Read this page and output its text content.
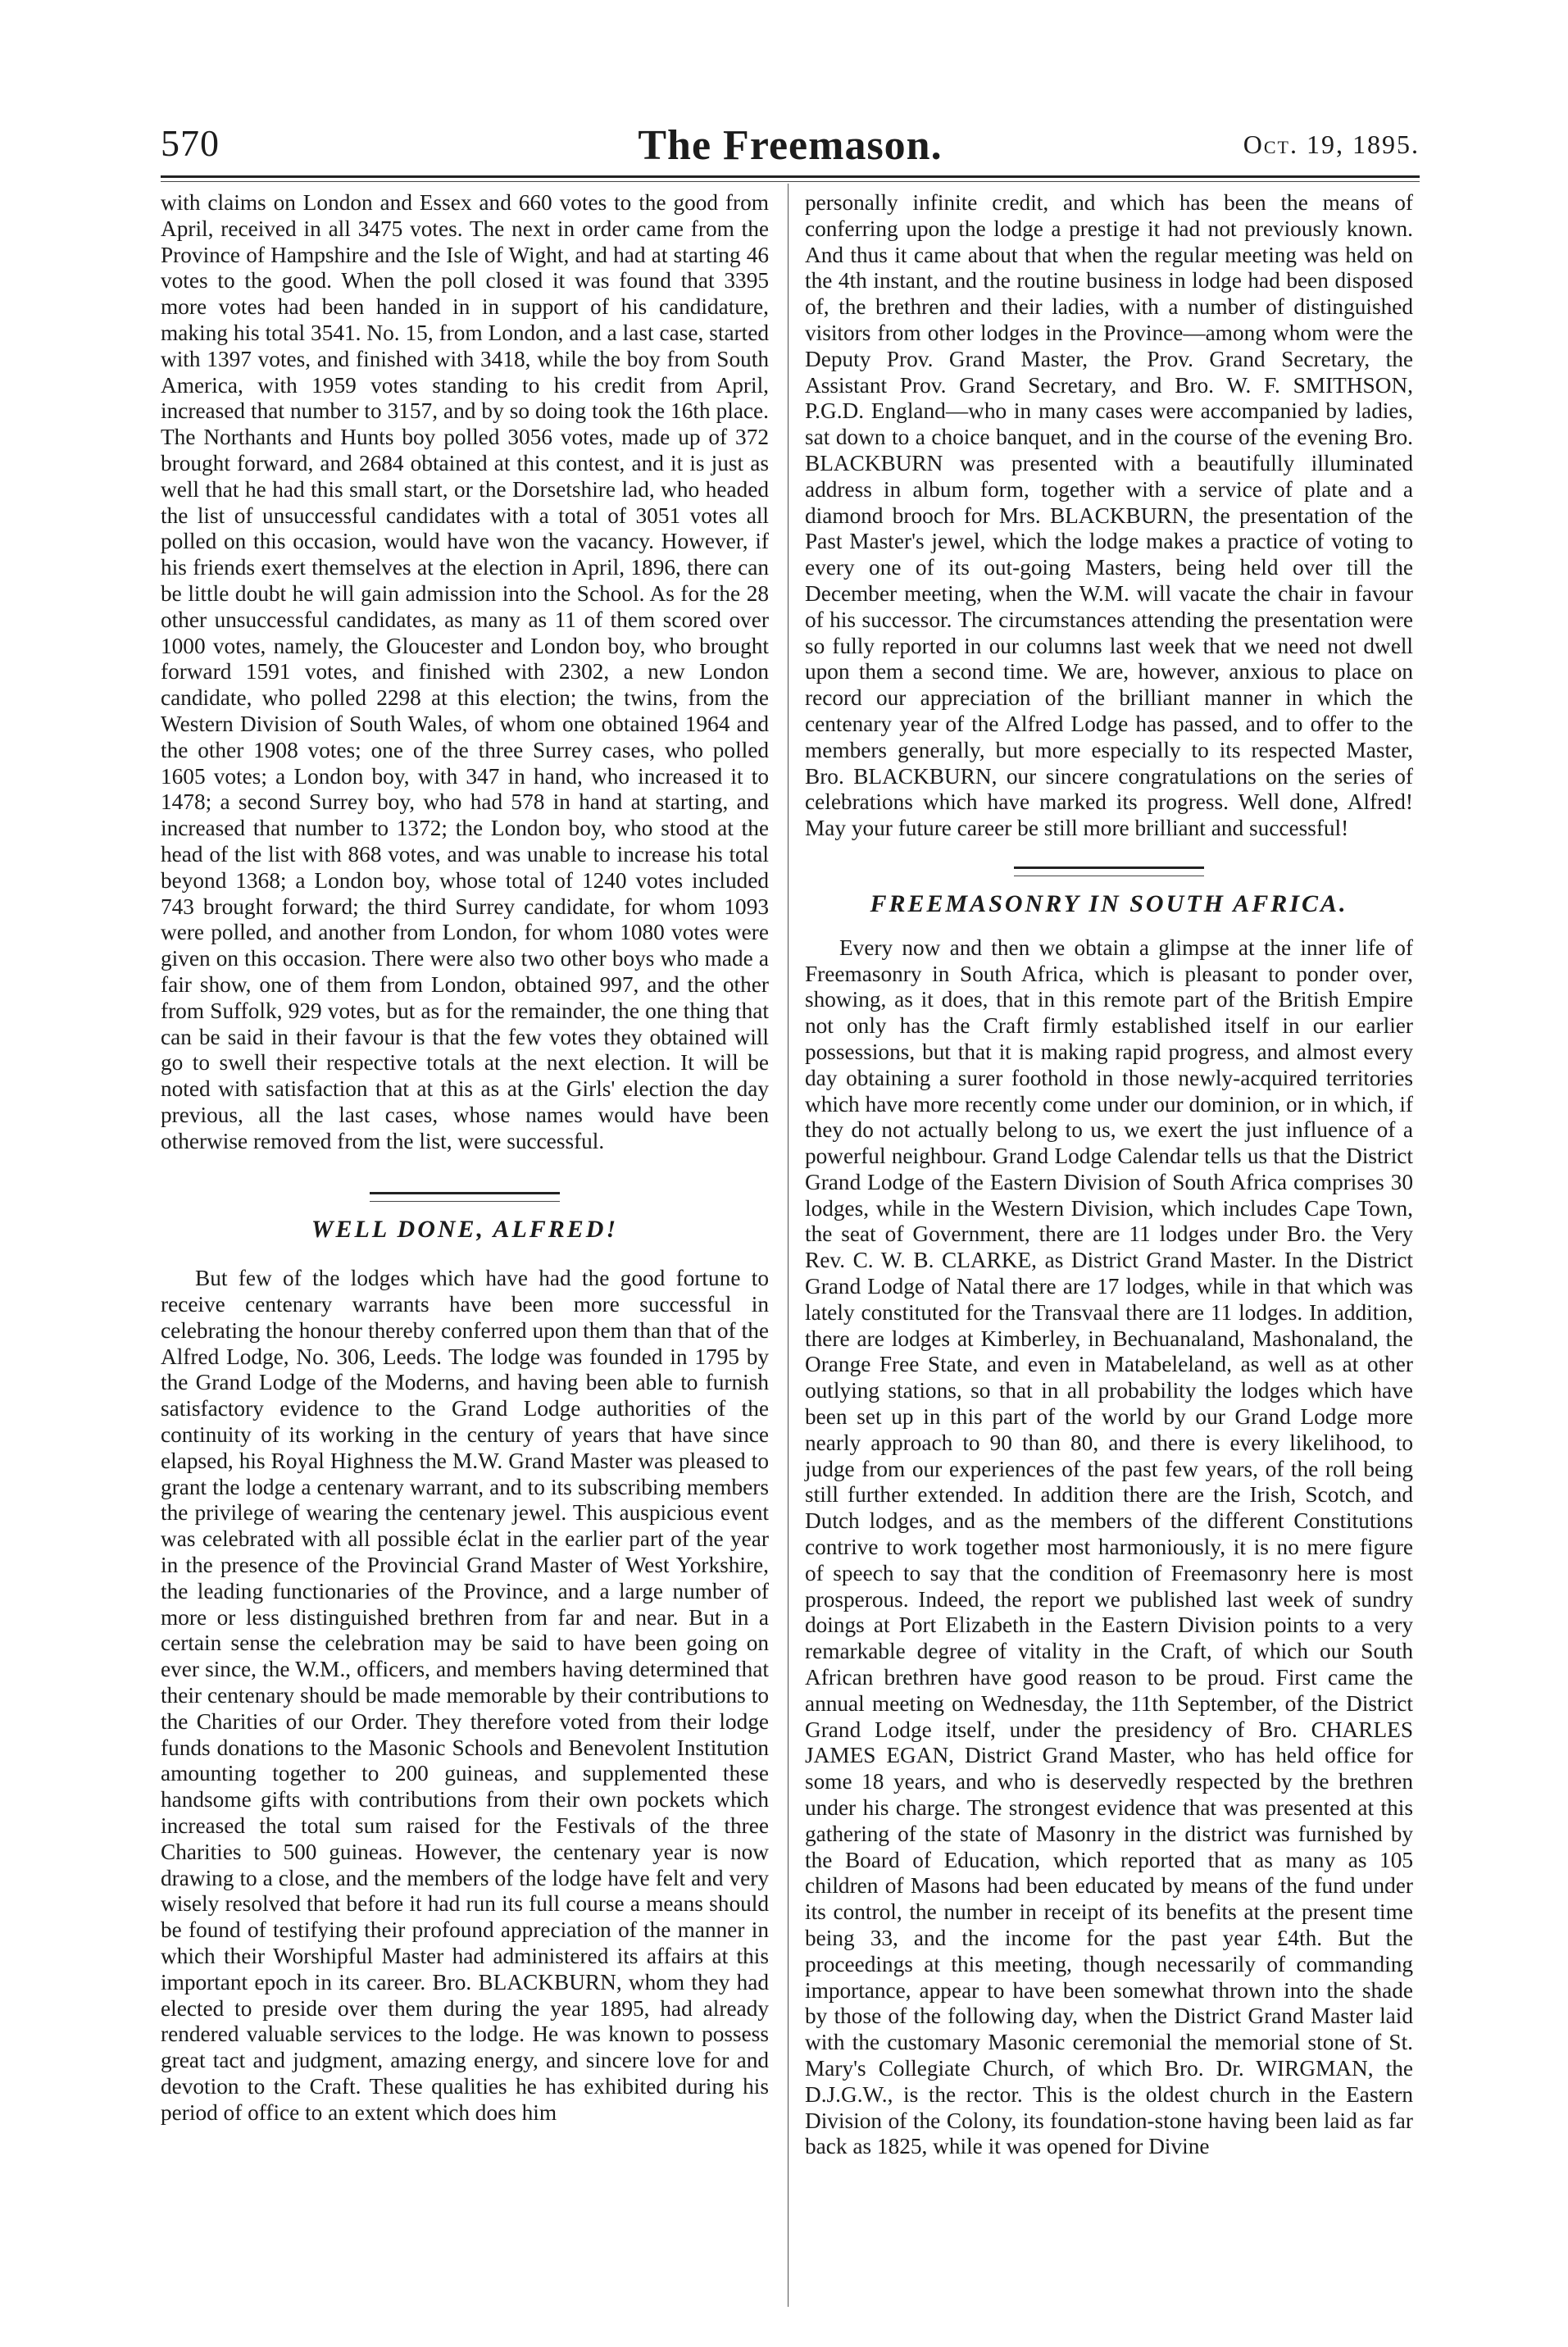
570	The Freemason.	Oct. 19, 1895.

with claims on London and Essex and 660 votes to the good from April, received in all 3475 votes. The next in order came from the Province of Hampshire and the Isle of Wight, and had at starting 46 votes to the good. When the poll closed it was found that 3395 more votes had been handed in in support of his candidature, making his total 3541. No. 15, from London, and a last case, started with 1397 votes, and finished with 3418, while the boy from South America, with 1959 votes standing to his credit from April, increased that number to 3157, and by so doing took the 16th place. The Northants and Hunts boy polled 3056 votes, made up of 372 brought forward, and 2684 obtained at this contest, and it is just as well that he had this small start, or the Dorsetshire lad, who headed the list of unsuccessful candidates with a total of 3051 votes all polled on this occasion, would have won the vacancy. However, if his friends exert themselves at the election in April, 1896, there can be little doubt he will gain admission into the School. As for the 28 other unsuccessful candidates, as many as 11 of them scored over 1000 votes, namely, the Gloucester and London boy, who brought forward 1591 votes, and finished with 2302, a new London candidate, who polled 2298 at this election; the twins, from the Western Division of South Wales, of whom one obtained 1964 and the other 1908 votes; one of the three Surrey cases, who polled 1605 votes; a London boy, with 347 in hand, who increased it to 1478; a second Surrey boy, who had 578 in hand at starting, and increased that number to 1372; the London boy, who stood at the head of the list with 868 votes, and was unable to increase his total beyond 1368; a London boy, whose total of 1240 votes included 743 brought forward; the third Surrey candidate, for whom 1093 were polled, and another from London, for whom 1080 votes were given on this occasion. There were also two other boys who made a fair show, one of them from London, obtained 997, and the other from Suffolk, 929 votes, but as for the remainder, the one thing that can be said in their favour is that the few votes they obtained will go to swell their respective totals at the next election. It will be noted with satisfaction that at this as at the Girls' election the day previous, all the last cases, whose names would have been otherwise removed from the list, were successful.

WELL DONE, ALFRED!

But few of the lodges which have had the good fortune to receive centenary warrants have been more successful in celebrating the honour thereby conferred upon them than that of the Alfred Lodge, No. 306, Leeds. The lodge was founded in 1795 by the Grand Lodge of the Moderns, and having been able to furnish satisfactory evidence to the Grand Lodge authorities of the continuity of its working in the century of years that have since elapsed, his Royal Highness the M.W. Grand Master was pleased to grant the lodge a centenary warrant, and to its subscribing members the privilege of wearing the centenary jewel. This auspicious event was celebrated with all possible éclat in the earlier part of the year in the presence of the Provincial Grand Master of West Yorkshire, the leading functionaries of the Province, and a large number of more or less distinguished brethren from far and near. But in a certain sense the celebration may be said to have been going on ever since, the W.M., officers, and members having determined that their centenary should be made memorable by their contributions to the Charities of our Order. They therefore voted from their lodge funds donations to the Masonic Schools and Benevolent Institution amounting together to 200 guineas, and supplemented these handsome gifts with contributions from their own pockets which increased the total sum raised for the Festivals of the three Charities to 500 guineas. However, the centenary year is now drawing to a close, and the members of the lodge have felt and very wisely resolved that before it had run its full course a means should be found of testifying their profound appreciation of the manner in which their Worshipful Master had administered its affairs at this important epoch in its career. Bro. BLACKBURN, whom they had elected to preside over them during the year 1895, had already rendered valuable services to the lodge. He was known to possess great tact and judgment, amazing energy, and sincere love for and devotion to the Craft. These qualities he has exhibited during his period of office to an extent which does him

personally infinite credit, and which has been the means of conferring upon the lodge a prestige it had not previously known. And thus it came about that when the regular meeting was held on the 4th instant, and the routine business in lodge had been disposed of, the brethren and their ladies, with a number of distinguished visitors from other lodges in the Province—among whom were the Deputy Prov. Grand Master, the Prov. Grand Secretary, the Assistant Prov. Grand Secretary, and Bro. W. F. SMITHSON, P.G.D. England—who in many cases were accompanied by ladies, sat down to a choice banquet, and in the course of the evening Bro. BLACKBURN was presented with a beautifully illuminated address in album form, together with a service of plate and a diamond brooch for Mrs. BLACKBURN, the presentation of the Past Master's jewel, which the lodge makes a practice of voting to every one of its out-going Masters, being held over till the December meeting, when the W.M. will vacate the chair in favour of his successor. The circumstances attending the presentation were so fully reported in our columns last week that we need not dwell upon them a second time. We are, however, anxious to place on record our appreciation of the brilliant manner in which the centenary year of the Alfred Lodge has passed, and to offer to the members generally, but more especially to its respected Master, Bro. BLACKBURN, our sincere congratulations on the series of celebrations which have marked its progress. Well done, Alfred! May your future career be still more brilliant and successful!

FREEMASONRY IN SOUTH AFRICA.

Every now and then we obtain a glimpse at the inner life of Freemasonry in South Africa, which is pleasant to ponder over, showing, as it does, that in this remote part of the British Empire not only has the Craft firmly established itself in our earlier possessions, but that it is making rapid progress, and almost every day obtaining a surer foothold in those newly-acquired territories which have more recently come under our dominion, or in which, if they do not actually belong to us, we exert the just influence of a powerful neighbour. Grand Lodge Calendar tells us that the District Grand Lodge of the Eastern Division of South Africa comprises 30 lodges, while in the Western Division, which includes Cape Town, the seat of Government, there are 11 lodges under Bro. the Very Rev. C. W. B. CLARKE, as District Grand Master. In the District Grand Lodge of Natal there are 17 lodges, while in that which was lately constituted for the Transvaal there are 11 lodges. In addition, there are lodges at Kimberley, in Bechuanaland, Mashonaland, the Orange Free State, and even in Matabeleland, as well as at other outlying stations, so that in all probability the lodges which have been set up in this part of the world by our Grand Lodge more nearly approach to 90 than 80, and there is every likelihood, to judge from our experiences of the past few years, of the roll being still further extended. In addition there are the Irish, Scotch, and Dutch lodges, and as the members of the different Constitutions contrive to work together most harmoniously, it is no mere figure of speech to say that the condition of Freemasonry here is most prosperous. Indeed, the report we published last week of sundry doings at Port Elizabeth in the Eastern Division points to a very remarkable degree of vitality in the Craft, of which our South African brethren have good reason to be proud. First came the annual meeting on Wednesday, the 11th September, of the District Grand Lodge itself, under the presidency of Bro. CHARLES JAMES EGAN, District Grand Master, who has held office for some 18 years, and who is deservedly respected by the brethren under his charge. The strongest evidence that was presented at this gathering of the state of Masonry in the district was furnished by the Board of Education, which reported that as many as 105 children of Masons had been educated by means of the fund under its control, the number in receipt of its benefits at the present time being 33, and the income for the past year £4th. But the proceedings at this meeting, though necessarily of commanding importance, appear to have been somewhat thrown into the shade by those of the following day, when the District Grand Master laid with the customary Masonic ceremonial the memorial stone of St. Mary's Collegiate Church, of which Bro. Dr. WIRGMAN, the D.J.G.W., is the rector. This is the oldest church in the Eastern Division of the Colony, its foundation-stone having been laid as far back as 1825, while it was opened for Divine
